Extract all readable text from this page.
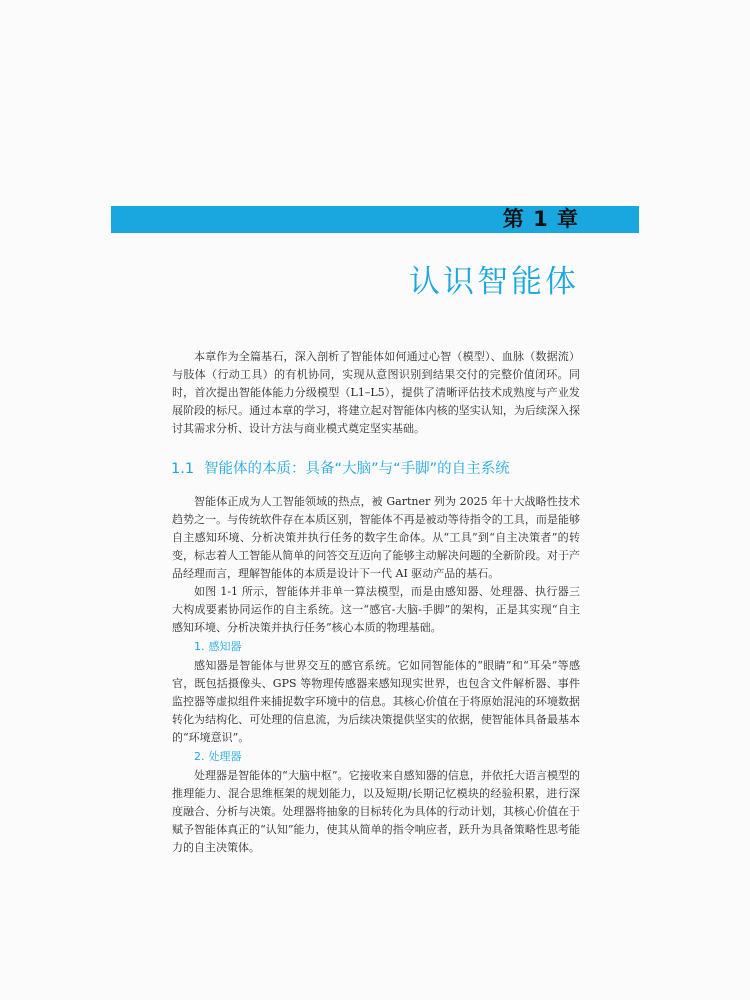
第 1 章
认识智能体

本章作为全篇基石，深入剖析了智能体如何通过心智（模型）、血脉（数据流）与肢体（行动工具）的有机协同，实现从意图识别到结果交付的完整价值闭环。同时，首次提出智能体能力分级模型（L1–L5），提供了清晰评估技术成熟度与产业发展阶段的标尺。通过本章的学习，将建立起对智能体内核的坚实认知，为后续深入探讨其需求分析、设计方法与商业模式奠定坚实基础。

1.1 智能体的本质：具备“大脑”与“手脚”的自主系统

智能体正成为人工智能领域的热点，被 Gartner 列为 2025 年十大战略性技术趋势之一。与传统软件存在本质区别，智能体不再是被动等待指令的工具，而是能够自主感知环境、分析决策并执行任务的数字生命体。从“工具”到“自主决策者”的转变，标志着人工智能从简单的问答交互迈向了能够主动解决问题的全新阶段。对于产品经理而言，理解智能体的本质是设计下一代 AI 驱动产品的基石。

如图 1-1 所示，智能体并非单一算法模型，而是由感知器、处理器、执行器三大构成要素协同运作的自主系统。这一“感官-大脑-手脚”的架构，正是其实现“自主感知环境、分析决策并执行任务”核心本质的物理基础。

1. 感知器

感知器是智能体与世界交互的感官系统。它如同智能体的“眼睛”和“耳朵”等感官，既包括摄像头、GPS 等物理传感器来感知现实世界，也包含文件解析器、事件监控器等虚拟组件来捕捉数字环境中的信息。其核心价值在于将原始混沌的环境数据转化为结构化、可处理的信息流，为后续决策提供坚实的依据，使智能体具备最基本的“环境意识”。

2. 处理器

处理器是智能体的“大脑中枢”。它接收来自感知器的信息，并依托大语言模型的推理能力、混合思维框架的规划能力，以及短期/长期记忆模块的经验积累，进行深度融合、分析与决策。处理器将抽象的目标转化为具体的行动计划，其核心价值在于赋予智能体真正的“认知”能力，使其从简单的指令响应者，跃升为具备策略性思考能力的自主决策体。
